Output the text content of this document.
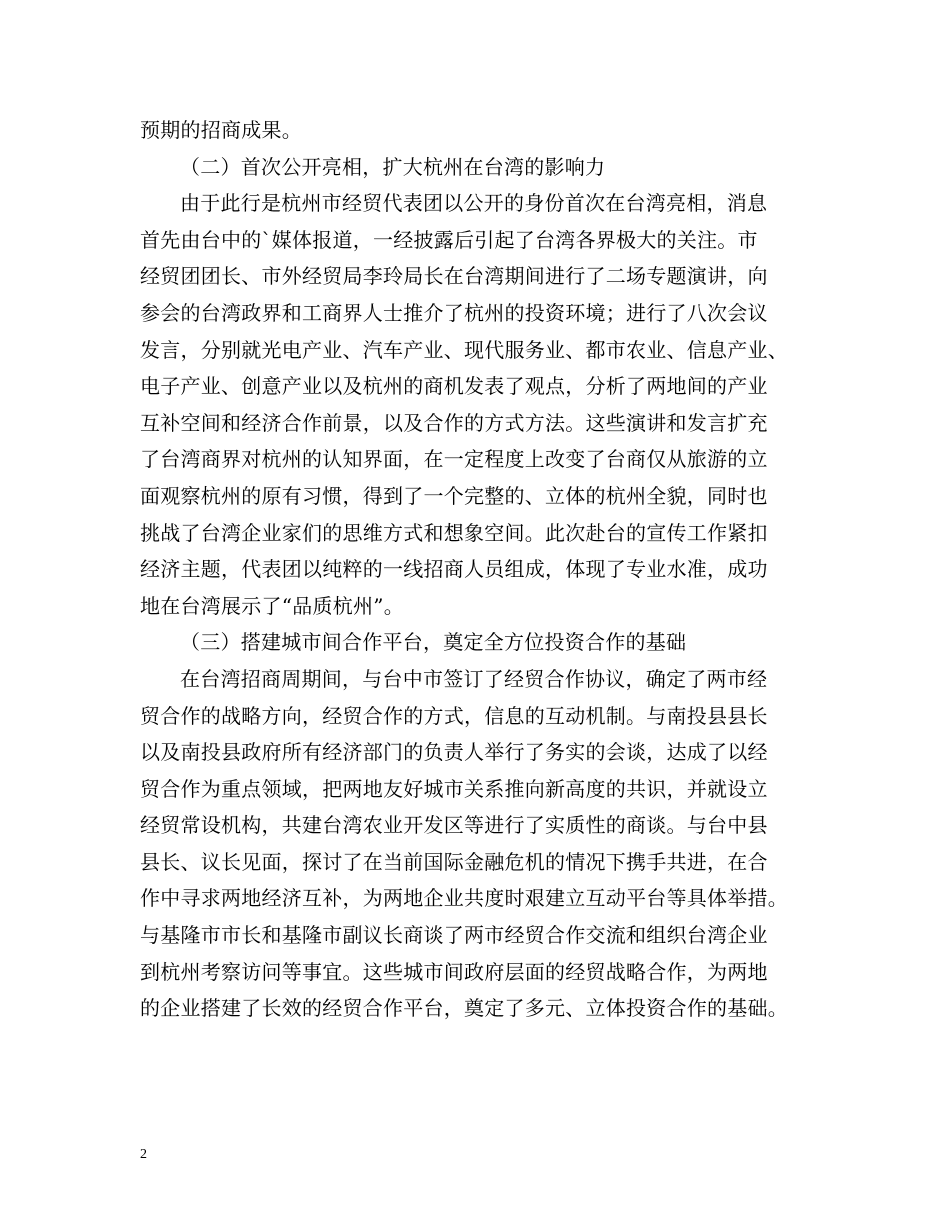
预期的招商成果。
（二）首次公开亮相，扩大杭州在台湾的影响力
由于此行是杭州市经贸代表团以公开的身份首次在台湾亮相，消息
首先由台中的`媒体报道，一经披露后引起了台湾各界极大的关注。市
经贸团团长、市外经贸局李玲局长在台湾期间进行了二场专题演讲，向
参会的台湾政界和工商界人士推介了杭州的投资环境；进行了八次会议
发言，分别就光电产业、汽车产业、现代服务业、都市农业、信息产业、
电子产业、创意产业以及杭州的商机发表了观点，分析了两地间的产业
互补空间和经济合作前景，以及合作的方式方法。这些演讲和发言扩充
了台湾商界对杭州的认知界面，在一定程度上改变了台商仅从旅游的立
面观察杭州的原有习惯，得到了一个完整的、立体的杭州全貌，同时也
挑战了台湾企业家们的思维方式和想象空间。此次赴台的宣传工作紧扣
经济主题，代表团以纯粹的一线招商人员组成，体现了专业水准，成功
地在台湾展示了“品质杭州”。
（三）搭建城市间合作平台，奠定全方位投资合作的基础
在台湾招商周期间，与台中市签订了经贸合作协议，确定了两市经
贸合作的战略方向，经贸合作的方式，信息的互动机制。与南投县县长
以及南投县政府所有经济部门的负责人举行了务实的会谈，达成了以经
贸合作为重点领域，把两地友好城市关系推向新高度的共识，并就设立
经贸常设机构，共建台湾农业开发区等进行了实质性的商谈。与台中县
县长、议长见面，探讨了在当前国际金融危机的情况下携手共进，在合
作中寻求两地经济互补，为两地企业共度时艰建立互动平台等具体举措。
与基隆市市长和基隆市副议长商谈了两市经贸合作交流和组织台湾企业
到杭州考察访问等事宜。这些城市间政府层面的经贸战略合作，为两地
的企业搭建了长效的经贸合作平台，奠定了多元、立体投资合作的基础。
2
